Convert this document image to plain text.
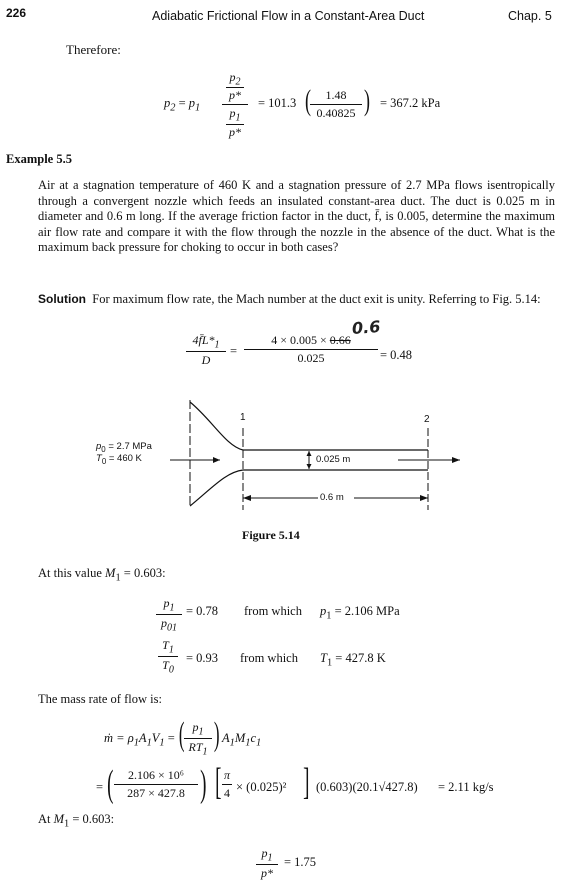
226	Adiabatic Frictional Flow in a Constant-Area Duct	Chap. 5
Therefore:
$p_2 = p_1$
$p_2$
p*
$p_1$
p*
= 101.3 (	1.48
0.40825 ) = 367.2 kPa
Example 5.5
Air at a stagnation temperature of 460 K and a stagnation pressure of 2.7 MPa flows isentropically through a convergent nozzle which feeds an insulated constant-area duct. The duct is 0.025 m in diameter and 0.6 m long. If the average friction factor in the duct, f̄, is 0.005, determine the maximum air flow rate and compare it with the flow through the nozzle in the absence of the duct. What is the maximum back pressure for choking to occur in both cases?
Solution For maximum flow rate, the Mach number at the duct exit is unity. Referring to Fig. 5.14:
0.6
$4f̄L*_1$
D
=
4 × 0.005 × 0.66
0.025	= 0.48
1	2
$p_0 = 2.7$ MPa
$T_0 = 460$ K	0.025 m
0.6 m
Figure 5.14
At this value $M_1 = 0.603$:
$p_1$
$p_{01}$
= 0.78 from which $p_1 = 2.106$ MPa
$T_1$
$T_0$
= 0.93 from which $T_1 = 427.8$ K
The mass rate of flow is:
ṁ = $\rho_1A_1V_1$ = ( $p_1$
$RT_1$ ) $A_1M_1c_1$
= (	2.106 × 10⁶
287 × 427.8 ) [ π
4 × (0.025)² ] (0.603)(20.1√427.8) = 2.11 kg/s
At $M_1 = 0.603$:
$p_1$
p*
= 1.75
